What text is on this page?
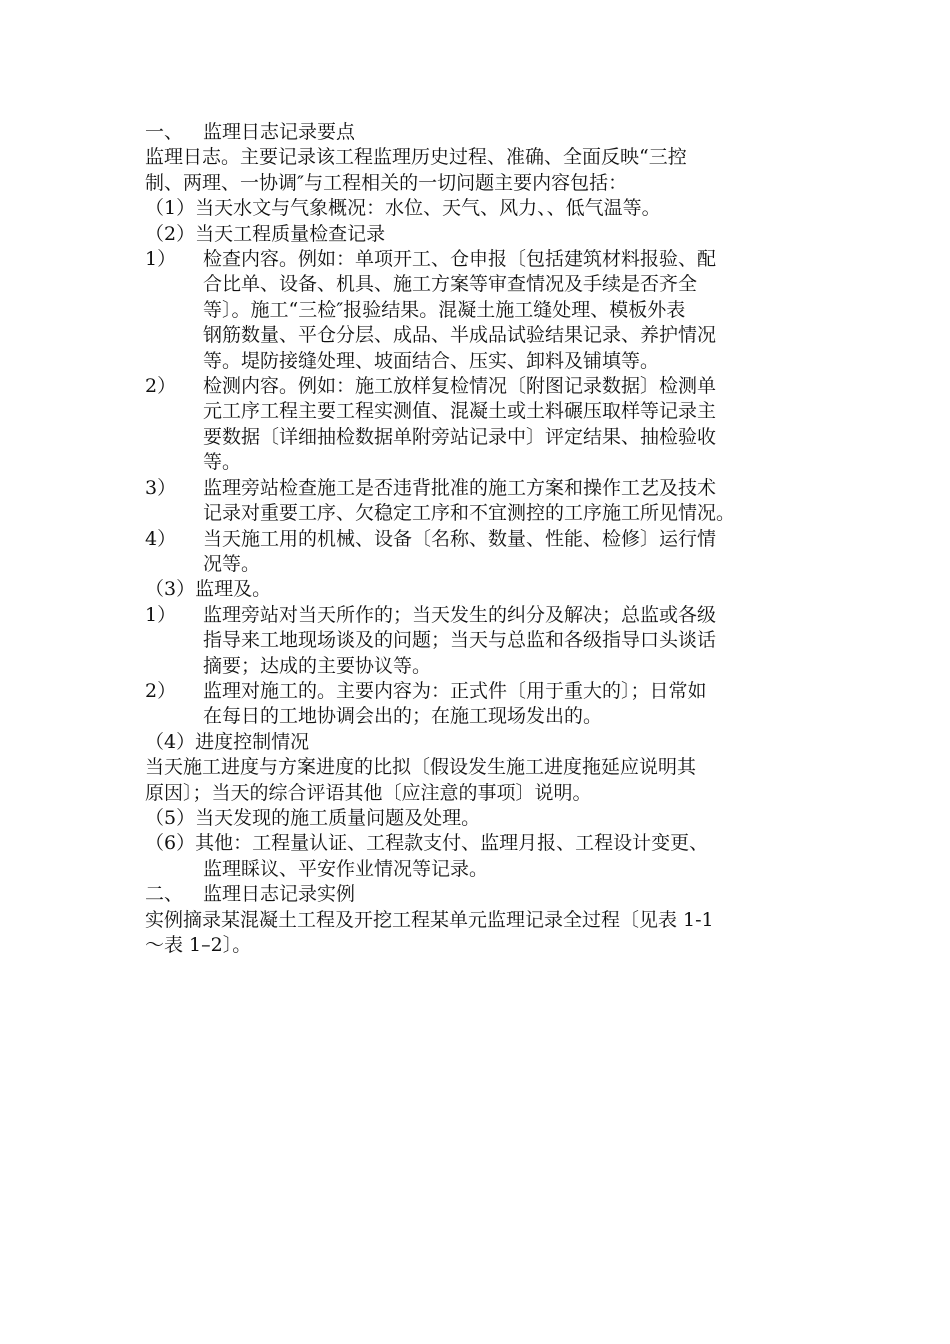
一、 监理日志记录要点
监理日志。主要记录该工程监理历史过程、准确、全面反映“三控
制、两理、一协调″与工程相关的一切问题主要内容包括：
（1）当天水文与气象概况：水位、天气、风力、、低气温等。
（2）当天工程质量检查记录
1）	检查内容。例如：单项开工、仓申报〔包括建筑材料报验、配
合比单、设备、机具、施工方案等审查情况及手续是否齐全
等〕。施工“三检″报验结果。混凝土施工缝处理、模板外表
钢筋数量、平仓分层、成品、半成品试验结果记录、养护情况
等。堤防接缝处理、坡面结合、压实、卸料及铺填等。
2）	检测内容。例如：施工放样复检情况〔附图记录数据〕检测单
元工序工程主要工程实测值、混凝土或土料碾压取样等记录主
要数据〔详细抽检数据单附旁站记录中〕评定结果、抽检验收
等。
3）	监理旁站检查施工是否违背批准的施工方案和操作工艺及技术
记录对重要工序、欠稳定工序和不宜测控的工序施工所见情况。
4）	当天施工用的机械、设备〔名称、数量、性能、检修〕运行情
况等。
（3）监理及。
1）	监理旁站对当天所作的；当天发生的纠分及解决；总监或各级
指导来工地现场谈及的问题；当天与总监和各级指导口头谈话
摘要；达成的主要协议等。
2）	监理对施工的。主要内容为：正式件〔用于重大的〕；日常如
在每日的工地协调会出的；在施工现场发出的。
（4）进度控制情况
当天施工进度与方案进度的比拟〔假设发生施工进度拖延应说明其
原因〕；当天的综合评语其他〔应注意的事项〕说明。
（5）当天发现的施工质量问题及处理。
（6）其他：工程量认证、工程款支付、监理月报、工程设计变更、
监理睬议、平安作业情况等记录。
二、 监理日志记录实例
实例摘录某混凝土工程及开挖工程某单元监理记录全过程〔见表 1-1
～表 1–2〕。
